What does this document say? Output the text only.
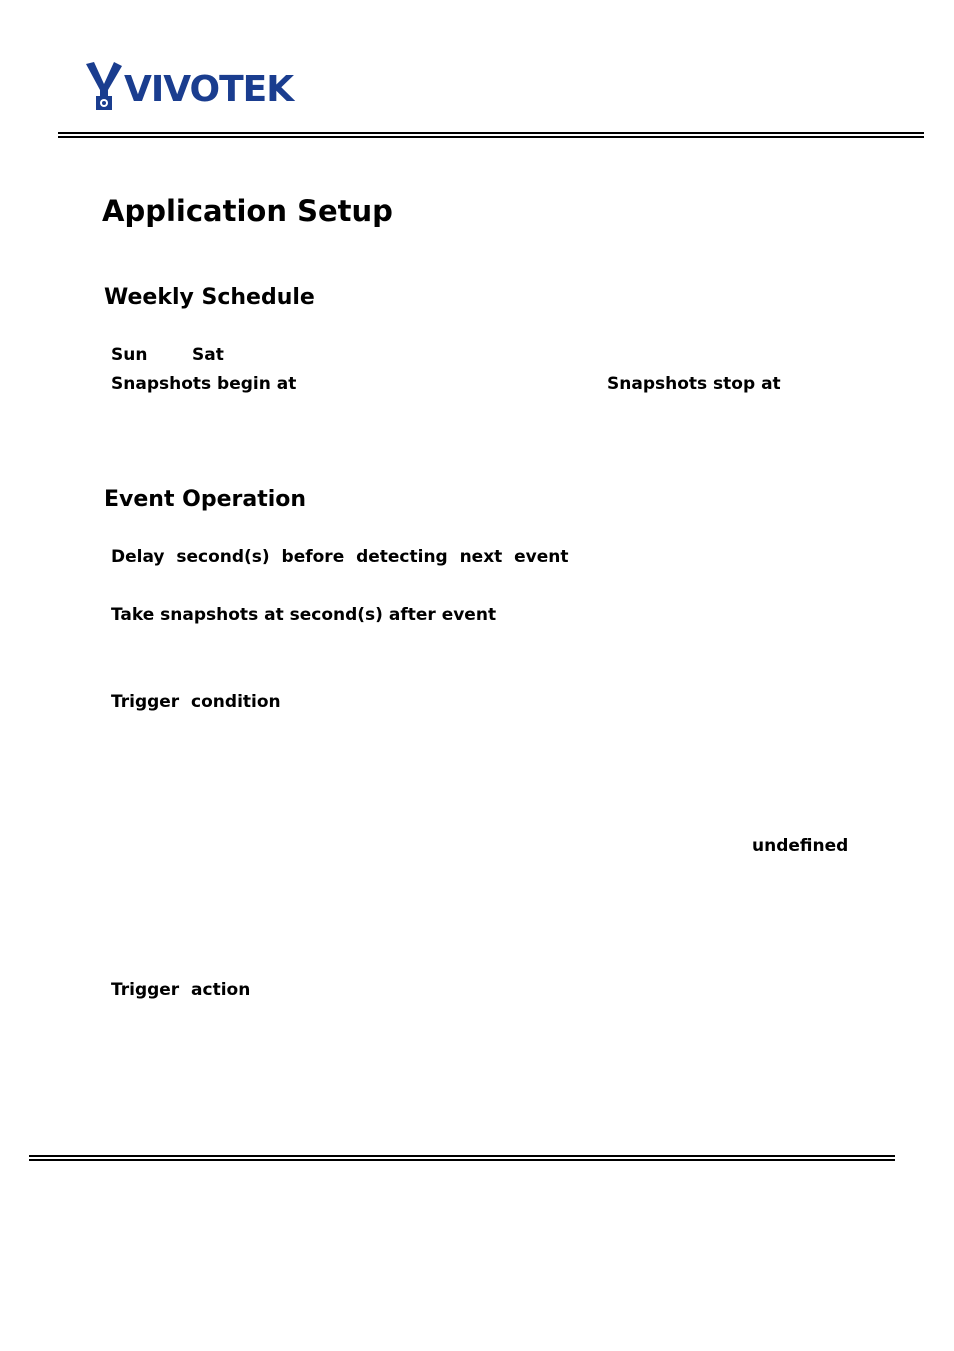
VIVOTEK
Application Setup
Weekly Schedule
Sun	Sat
Snapshots begin at	Snapshots stop at
Event Operation
Delay second(s) before detecting next event
Take snapshots at second(s) after event
Trigger condition
undefined
Trigger action
